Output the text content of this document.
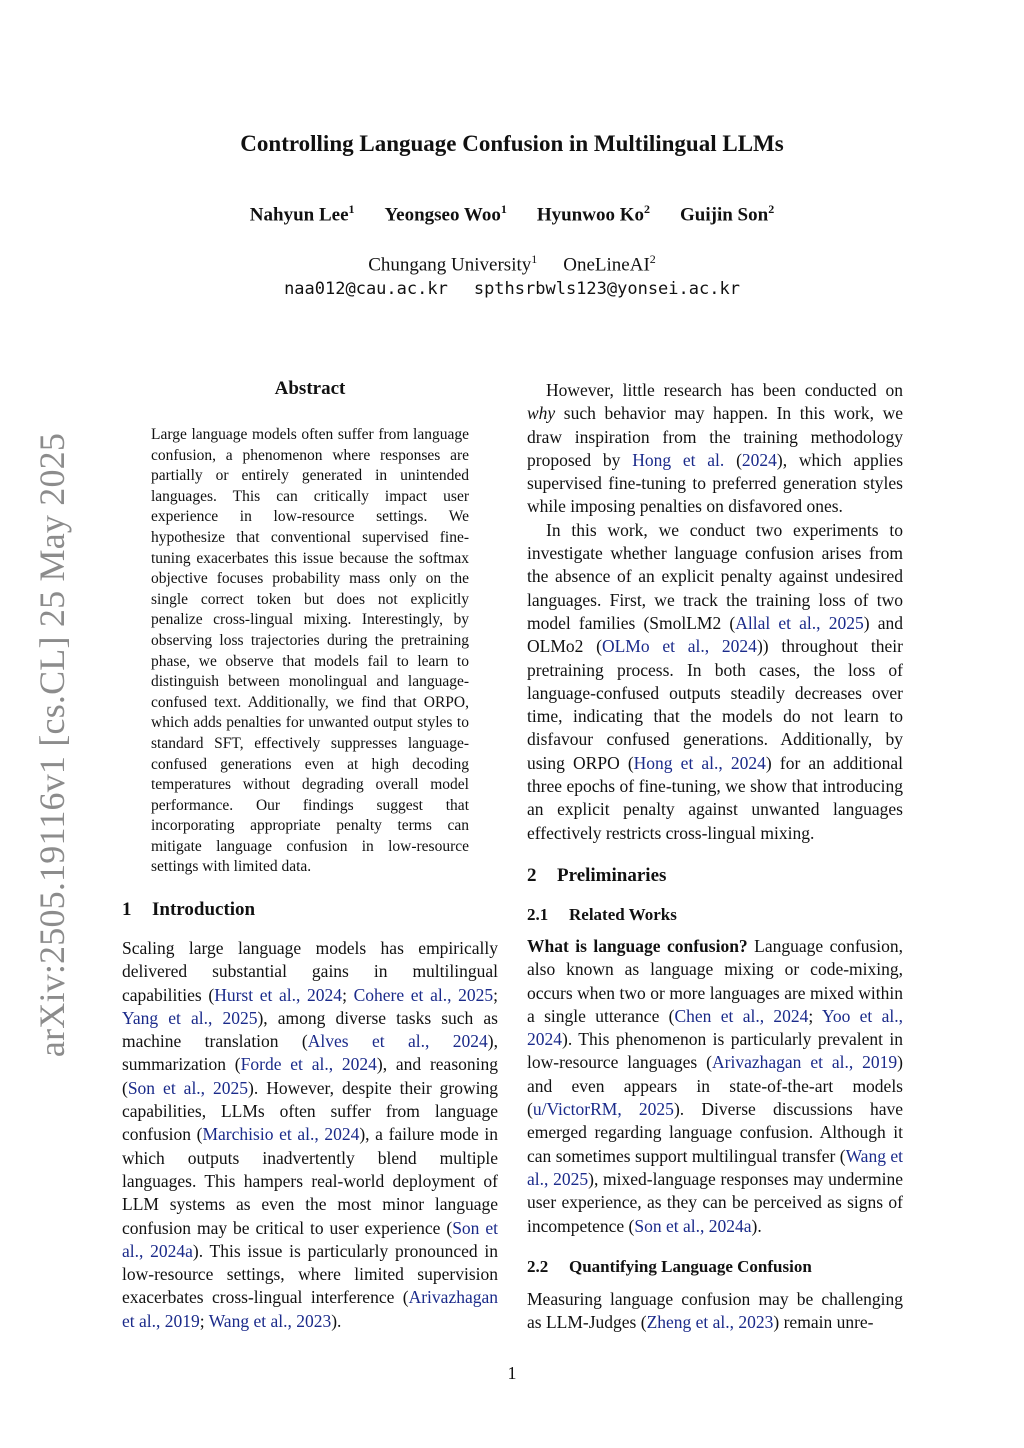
arXiv:2505.19116v1 [cs.CL] 25 May 2025
Controlling Language Confusion in Multilingual LLMs
Nahyun Lee$^1$ Yeongseo Woo$^1$ Hyunwoo Ko$^2$ Guijin Son$^2$
Chungang University$^1$ OneLineAI$^2$
naa012@cau.ac.kr spthsrbwls123@yonsei.ac.kr
Abstract
Large language models often suffer from language confusion, a phenomenon where responses are partially or entirely generated in unintended languages. This can critically impact user experience in low-resource settings. We hypothesize that conventional supervised fine-tuning exacerbates this issue because the softmax objective focuses probability mass only on the single correct token but does not explicitly penalize cross-lingual mixing. Interestingly, by observing loss trajectories during the pretraining phase, we observe that models fail to learn to distinguish between monolingual and language-confused text. Additionally, we find that ORPO, which adds penalties for unwanted output styles to standard SFT, effectively suppresses language-confused generations even at high decoding temperatures without degrading overall model performance. Our findings suggest that incorporating appropriate penalty terms can mitigate language confusion in low-resource settings with limited data.
1 Introduction
Scaling large language models has empirically delivered substantial gains in multilingual capabilities (Hurst et al., 2024; Cohere et al., 2025; Yang et al., 2025), among diverse tasks such as machine translation (Alves et al., 2024), summarization (Forde et al., 2024), and reasoning (Son et al., 2025). However, despite their growing capabilities, LLMs often suffer from language confusion (Marchisio et al., 2024), a failure mode in which outputs inadvertently blend multiple languages. This hampers real-world deployment of LLM systems as even the most minor language confusion may be critical to user experience (Son et al., 2024a). This issue is particularly pronounced in low-resource settings, where limited supervision exacerbates cross-lingual interference (Arivazhagan et al., 2019; Wang et al., 2023).

However, little research has been conducted on why such behavior may happen. In this work, we draw inspiration from the training methodology proposed by Hong et al. (2024), which applies supervised fine-tuning to preferred generation styles while imposing penalties on disfavored ones.

In this work, we conduct two experiments to investigate whether language confusion arises from the absence of an explicit penalty against undesired languages. First, we track the training loss of two model families (SmolLM2 (Allal et al., 2025) and OLMo2 (OLMo et al., 2024)) throughout their pretraining process. In both cases, the loss of language-confused outputs steadily decreases over time, indicating that the models do not learn to disfavour confused generations. Additionally, by using ORPO (Hong et al., 2024) for an additional three epochs of fine-tuning, we show that introducing an explicit penalty against unwanted languages effectively restricts cross-lingual mixing.

2 Preliminaries
2.1 Related Works
What is language confusion? Language confusion, also known as language mixing or code-mixing, occurs when two or more languages are mixed within a single utterance (Chen et al., 2024; Yoo et al., 2024). This phenomenon is particularly prevalent in low-resource languages (Arivazhagan et al., 2019) and even appears in state-of-the-art models (u/VictorRM, 2025). Diverse discussions have emerged regarding language confusion. Although it can sometimes support multilingual transfer (Wang et al., 2025), mixed-language responses may undermine user experience, as they can be perceived as signs of incompetence (Son et al., 2024a).
2.2 Quantifying Language Confusion
Measuring language confusion may be challenging as LLM-Judges (Zheng et al., 2023) remain unre-
1
